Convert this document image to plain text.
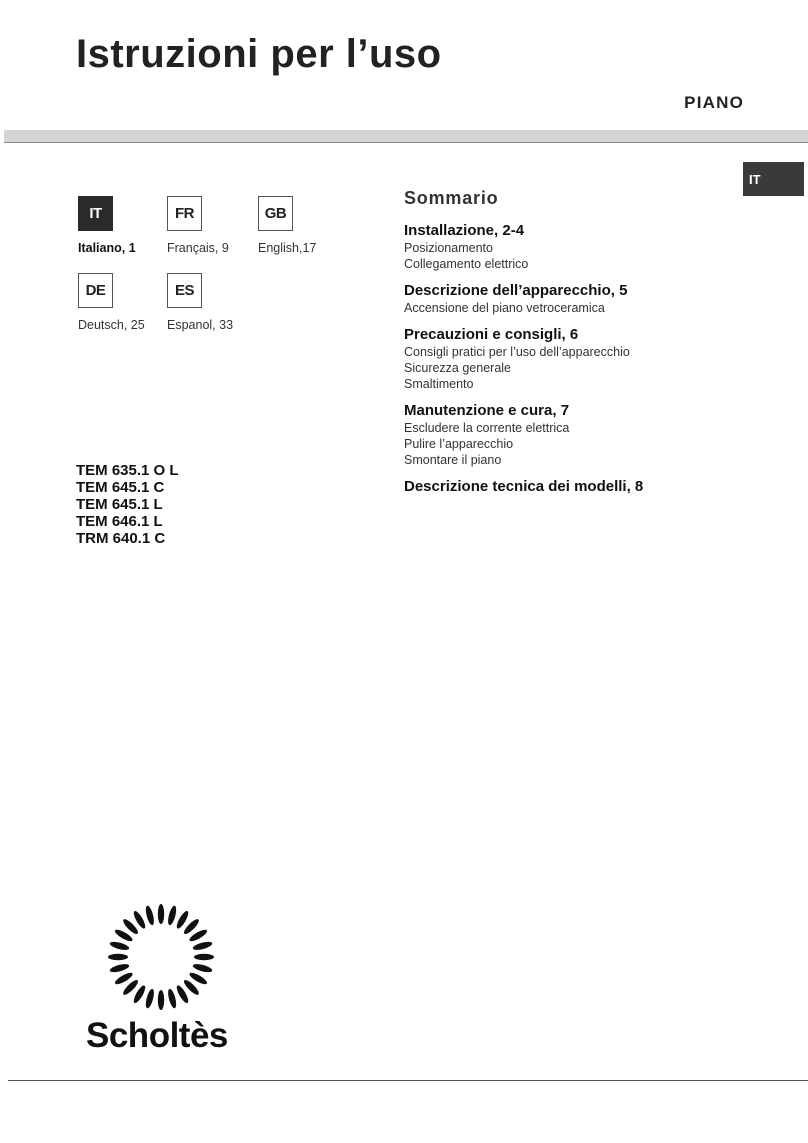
Istruzioni per l’uso
PIANO
IT
IT
Italiano, 1
FR
Français, 9
GB
English,17
DE
Deutsch, 25
ES
Espanol, 33
TEM 635.1 O L
TEM 645.1 C
TEM 645.1 L
TEM 646.1 L
TRM 640.1 C
Sommario
Installazione, 2-4
Posizionamento
Collegamento elettrico
Descrizione dell’apparecchio, 5
Accensione del piano vetroceramica
Precauzioni e consigli, 6
Consigli pratici per l’uso dell’apparecchio
Sicurezza generale
Smaltimento
Manutenzione e cura, 7
Escludere la corrente elettrica
Pulire l’apparecchio
Smontare il piano
Descrizione tecnica dei modelli, 8
Scholtès
